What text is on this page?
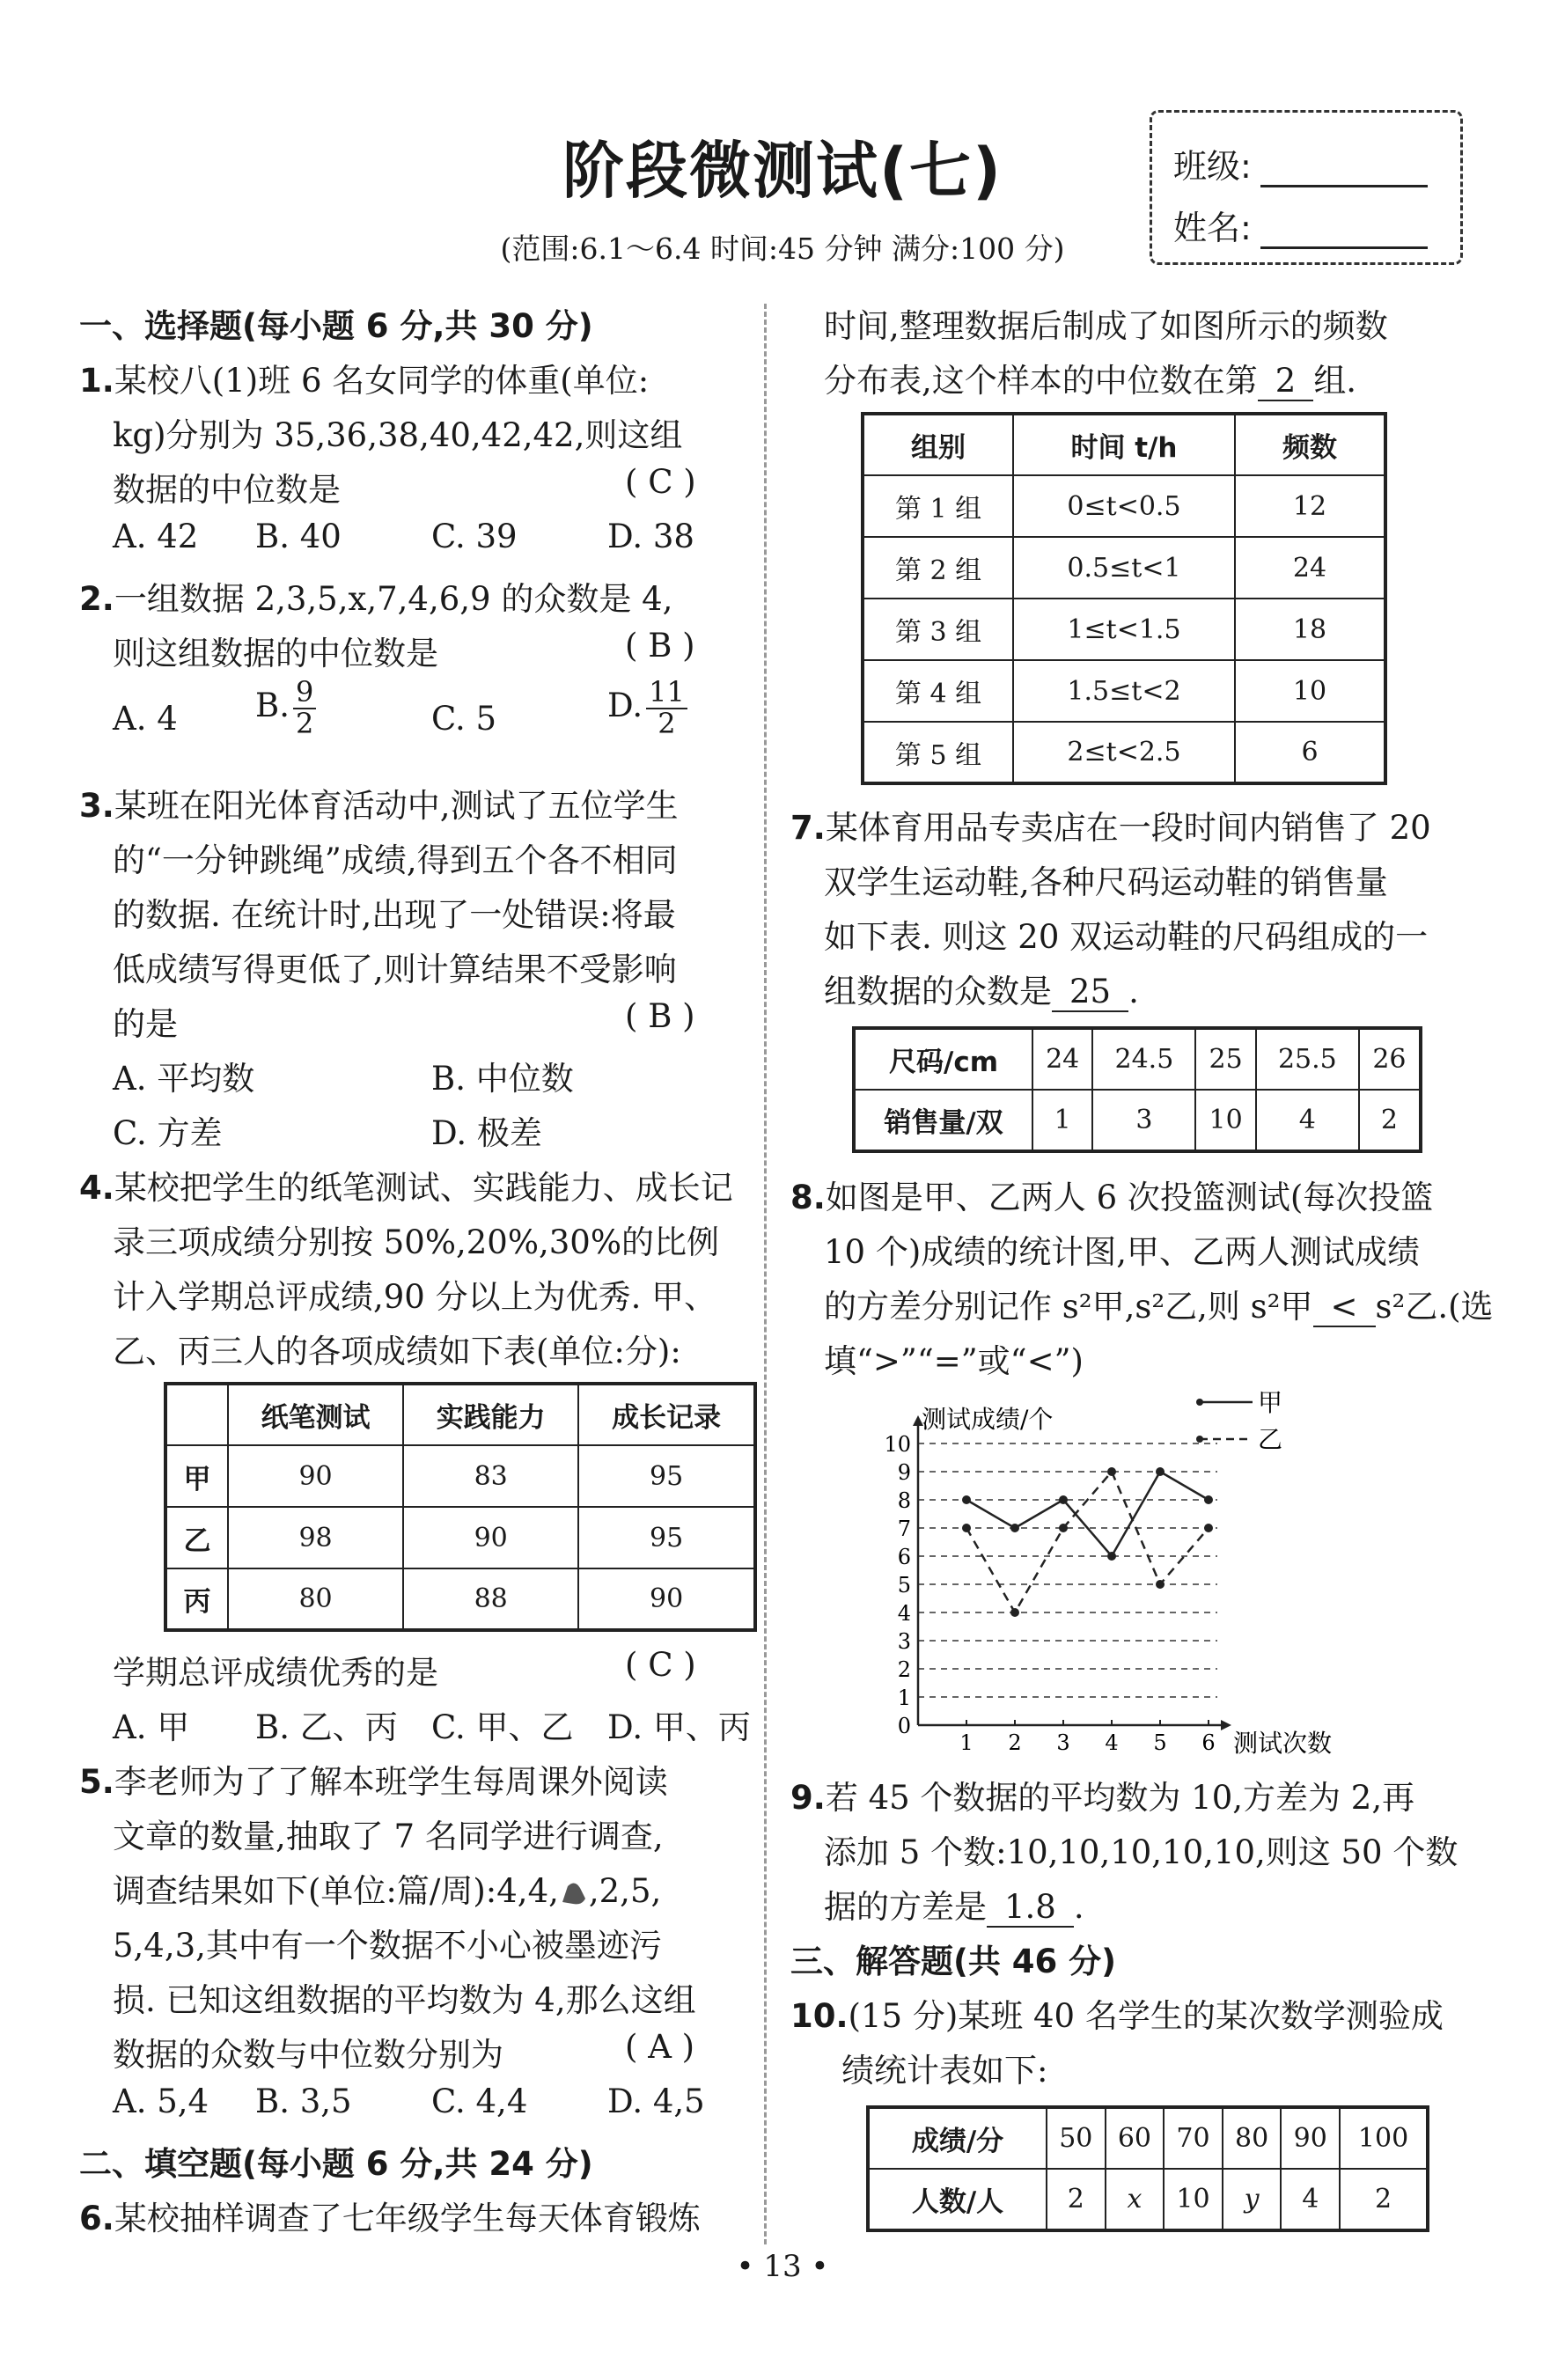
阶段微测试(七)
(范围:6.1～6.4 时间:45 分钟 满分:100 分)
班级:
姓名:
一、选择题(每小题 6 分,共 30 分)
1.某校八(1)班 6 名女同学的体重(单位:
kg)分别为 35,36,38,40,42,42,则这组
数据的中位数是	( C )
A. 42 B. 40	C. 39	D. 38
2.一组数据 2,3,5,x,7,4,6,9 的众数是 4,
则这组数据的中位数是	( B )
A. 4 B. $\frac{9}{2}$	C. 5	D. $\frac{11}{2}$
3.某班在阳光体育活动中,测试了五位学生
的“一分钟跳绳”成绩,得到五个各不相同
的数据. 在统计时,出现了一处错误:将最
低成绩写得更低了,则计算结果不受影响
的是	( B )
A. 平均数	B. 中位数
C. 方差	D. 极差
4.某校把学生的纸笔测试、实践能力、成长记
录三项成绩分别按 50%,20%,30%的比例
计入学期总评成绩,90 分以上为优秀. 甲、
乙、丙三人的各项成绩如下表(单位:分):
	纸笔测试	实践能力	成长记录
甲	90	83	95
乙	98	90	95
丙	80	88	90
学期总评成绩优秀的是	( C )
A. 甲 B. 乙、丙 C. 甲、乙 D. 甲、丙
5.李老师为了了解本班学生每周课外阅读
文章的数量,抽取了 7 名同学进行调查,
调查结果如下(单位:篇/周):4,4, ,2,5,
5,4,3,其中有一个数据不小心被墨迹污
损. 已知这组数据的平均数为 4,那么这组
数据的众数与中位数分别为	( A )
A. 5,4 B. 3,5 C. 4,4 D. 4,5
二、填空题(每小题 6 分,共 24 分)
6.某校抽样调查了七年级学生每天体育锻炼
时间,整理数据后制成了如图所示的频数
分布表,这个样本的中位数在第 2 组.
组别	时间 t/h	频数
第 1 组	0≤t<0.5	12
第 2 组	0.5≤t<1	24
第 3 组	1≤t<1.5	18
第 4 组	1.5≤t<2	10
第 5 组	2≤t<2.5	6
7.某体育用品专卖店在一段时间内销售了 20
双学生运动鞋,各种尺码运动鞋的销售量
如下表. 则这 20 双运动鞋的尺码组成的一
组数据的众数是 25 .
尺码/cm	24	24.5	25	25.5	26
销售量/双	1	3	10	4	2
8.如图是甲、乙两人 6 次投篮测试(每次投篮
10 个)成绩的统计图,甲、乙两人测试成绩
的方差分别记作 s²甲,s²乙,则 s²甲 < s²乙.(选
填“>”“=”或“<”)
0
1
2
3
4
5
6
7
8
9
10
1 2 3 4 5 6
测试成绩/个
测试次数
甲
乙
9.若 45 个数据的平均数为 10,方差为 2,再
添加 5 个数:10,10,10,10,10,则这 50 个数
据的方差是 1.8 .
三、解答题(共 46 分)
10.(15 分)某班 40 名学生的某次数学测验成
绩统计表如下:
成绩/分	50	60	70	80	90	100
人数/人	2	x	10	y	4	2
• 13 •
